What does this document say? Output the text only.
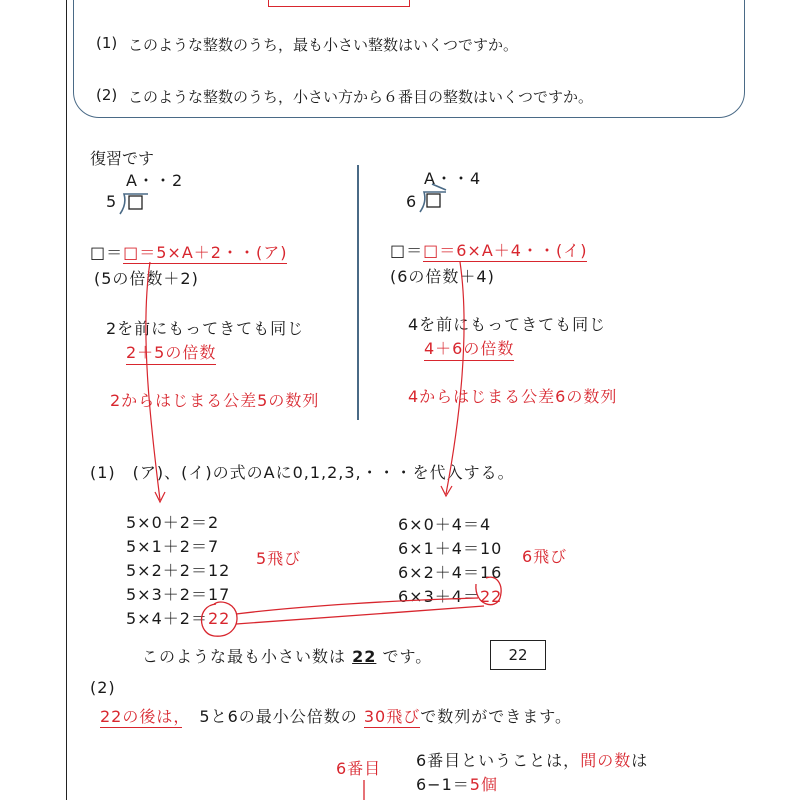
(1) このような整数のうち，最も小さい整数はいくつですか。
(2) このような整数のうち，小さい方から６番目の整数はいくつですか。
復習です
A・・2
5
□＝□＝5×A＋2・・(ア)
(5の倍数＋2)
2を前にもってきても同じ
2＋5の倍数
2からはじまる公差5の数列
A・・4
6
□＝□＝6×A＋4・・(イ)
(6の倍数＋4)
4を前にもってきても同じ
4＋6の倍数
4からはじまる公差6の数列
(1)　(ア)、(イ)の式のAに0,1,2,3,・・・を代入する。
5×0＋2＝2
5×1＋2＝7
5×2＋2＝12
5×3＋2＝17
5×4＋2＝22
5飛び
6×0＋4＝4
6×1＋4＝10
6×2＋4＝16
6×3＋4＝22
6飛び
このような最も小さい数は 22 です。	22
(2)
22の後は，　 5と6の最小公倍数の 30飛びで数列ができます。
6番目 6番目ということは，間の数は
6−1＝5個
